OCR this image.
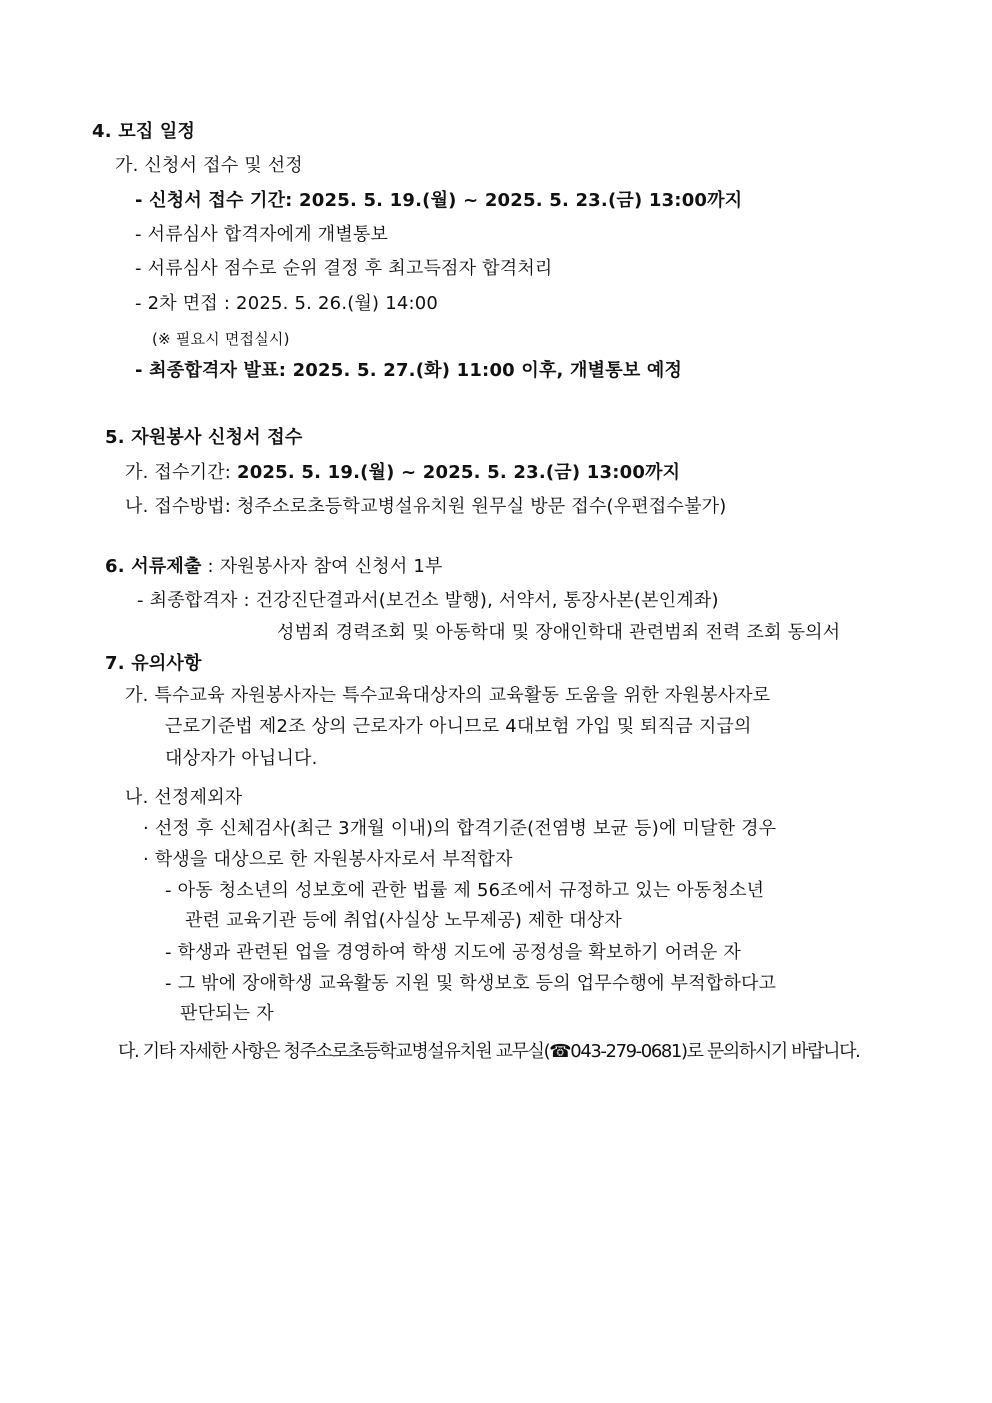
4. 모집 일정
가. 신청서 접수 및 선정
- 신청서 접수 기간: 2025. 5. 19.(월) ~ 2025. 5. 23.(금) 13:00까지
- 서류심사 합격자에게 개별통보
- 서류심사 점수로 순위 결정 후 최고득점자 합격처리
- 2차 면접 : 2025. 5. 26.(월) 14:00
(※ 필요시 면접실시)
- 최종합격자 발표: 2025. 5. 27.(화) 11:00 이후, 개별통보 예정
5. 자원봉사 신청서 접수
가. 접수기간: 2025. 5. 19.(월) ~ 2025. 5. 23.(금) 13:00까지
나. 접수방법: 청주소로초등학교병설유치원 원무실 방문 접수(우편접수불가)
6. 서류제출 : 자원봉사자 참여 신청서 1부
- 최종합격자 : 건강진단결과서(보건소 발행), 서약서, 통장사본(본인계좌)
성범죄 경력조회 및 아동학대 및 장애인학대 관련범죄 전력 조회 동의서
7. 유의사항
가. 특수교육 자원봉사자는 특수교육대상자의 교육활동 도움을 위한 자원봉사자로
근로기준법 제2조 상의 근로자가 아니므로 4대보험 가입 및 퇴직금 지급의
대상자가 아닙니다.
나. 선정제외자
· 선정 후 신체검사(최근 3개월 이내)의 합격기준(전염병 보균 등)에 미달한 경우
· 학생을 대상으로 한 자원봉사자로서 부적합자
- 아동 청소년의 성보호에 관한 법률 제 56조에서 규정하고 있는 아동청소년
관련 교육기관 등에 취업(사실상 노무제공) 제한 대상자
- 학생과 관련된 업을 경영하여 학생 지도에 공정성을 확보하기 어려운 자
- 그 밖에 장애학생 교육활동 지원 및 학생보호 등의 업무수행에 부적합하다고
판단되는 자
다. 기타 자세한 사항은 청주소로초등학교병설유치원 교무실(☎043-279-0681)로 문의하시기 바랍니다.
